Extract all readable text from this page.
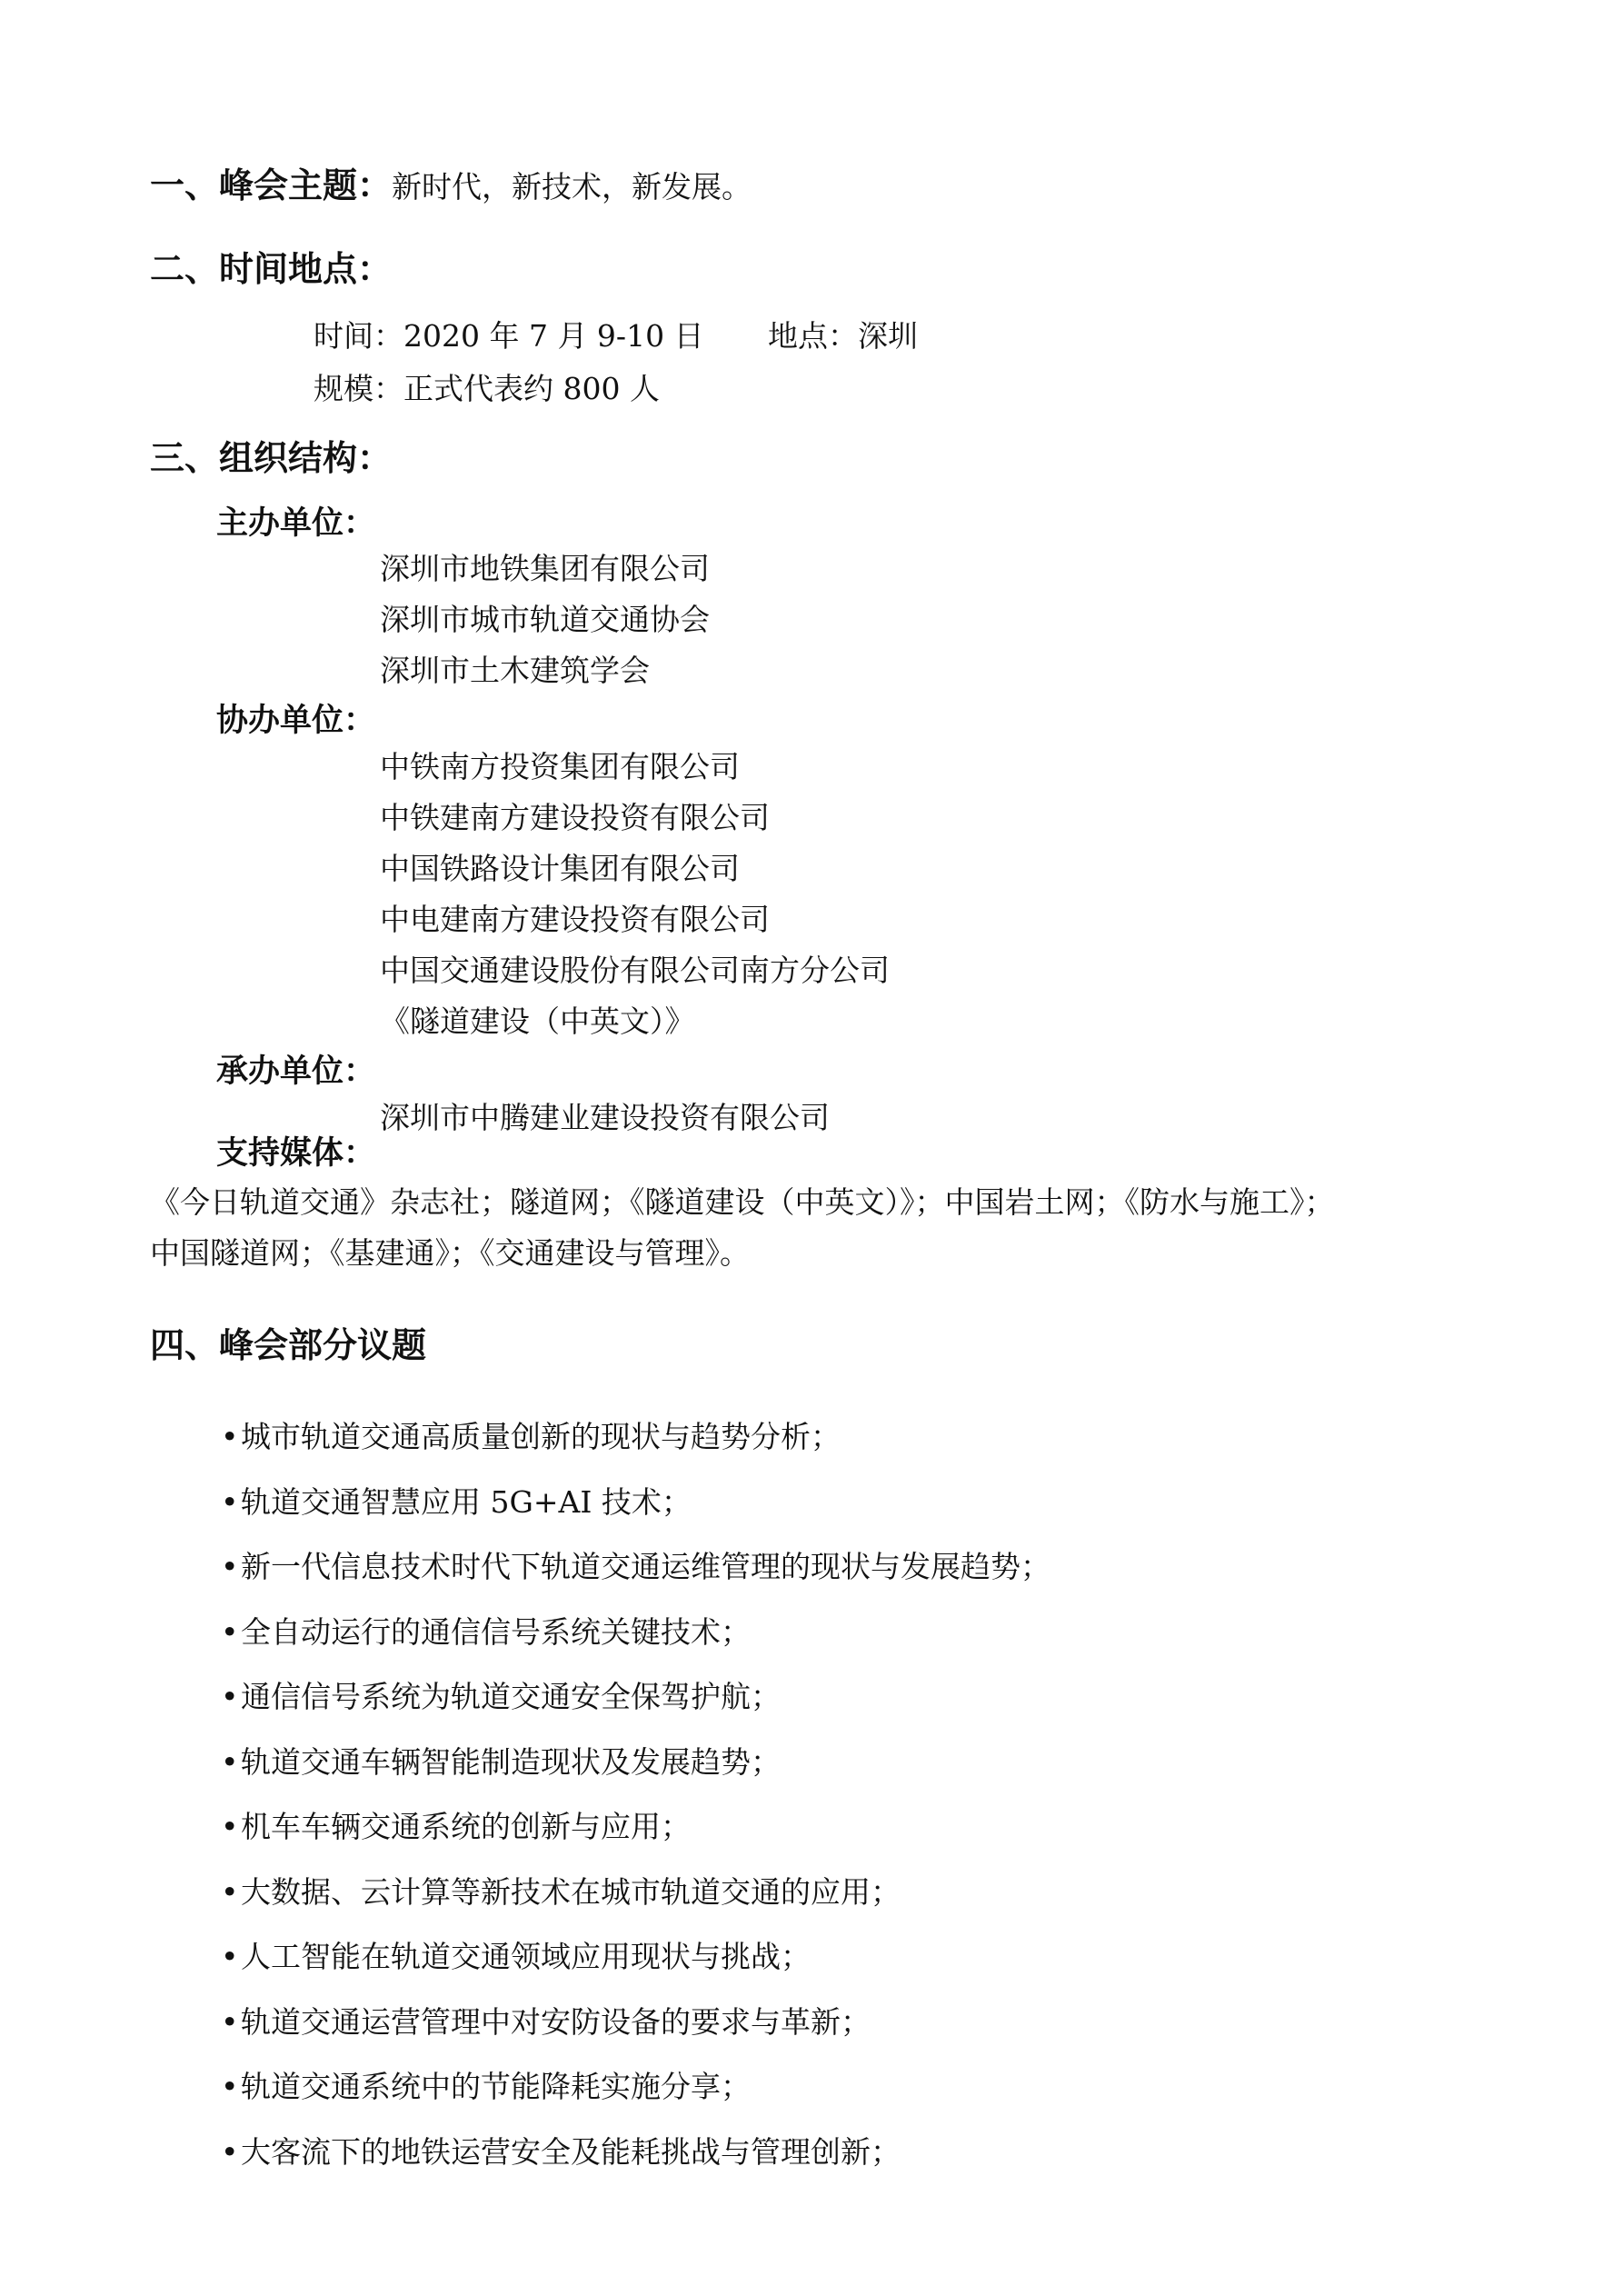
一、峰会主题：新时代，新技术，新发展。
二、时间地点：
时间：2020 年 7 月 9-10 日 地点：深圳
规模：正式代表约 800 人
三、组织结构：
主办单位：
深圳市地铁集团有限公司
深圳市城市轨道交通协会
深圳市土木建筑学会
协办单位：
中铁南方投资集团有限公司
中铁建南方建设投资有限公司
中国铁路设计集团有限公司
中电建南方建设投资有限公司
中国交通建设股份有限公司南方分公司
《隧道建设（中英文）》
承办单位：
深圳市中腾建业建设投资有限公司
支持媒体：
《今日轨道交通》杂志社；隧道网；《隧道建设（中英文）》；中国岩土网；《防水与施工》；
中国隧道网；《基建通》；《交通建设与管理》。
四、峰会部分议题
•城市轨道交通高质量创新的现状与趋势分析；
•轨道交通智慧应用 5G+AI 技术；
•新一代信息技术时代下轨道交通运维管理的现状与发展趋势；
•全自动运行的通信信号系统关键技术；
•通信信号系统为轨道交通安全保驾护航；
•轨道交通车辆智能制造现状及发展趋势；
•机车车辆交通系统的创新与应用；
•大数据、云计算等新技术在城市轨道交通的应用；
•人工智能在轨道交通领域应用现状与挑战；
•轨道交通运营管理中对安防设备的要求与革新；
•轨道交通系统中的节能降耗实施分享；
•大客流下的地铁运营安全及能耗挑战与管理创新；
